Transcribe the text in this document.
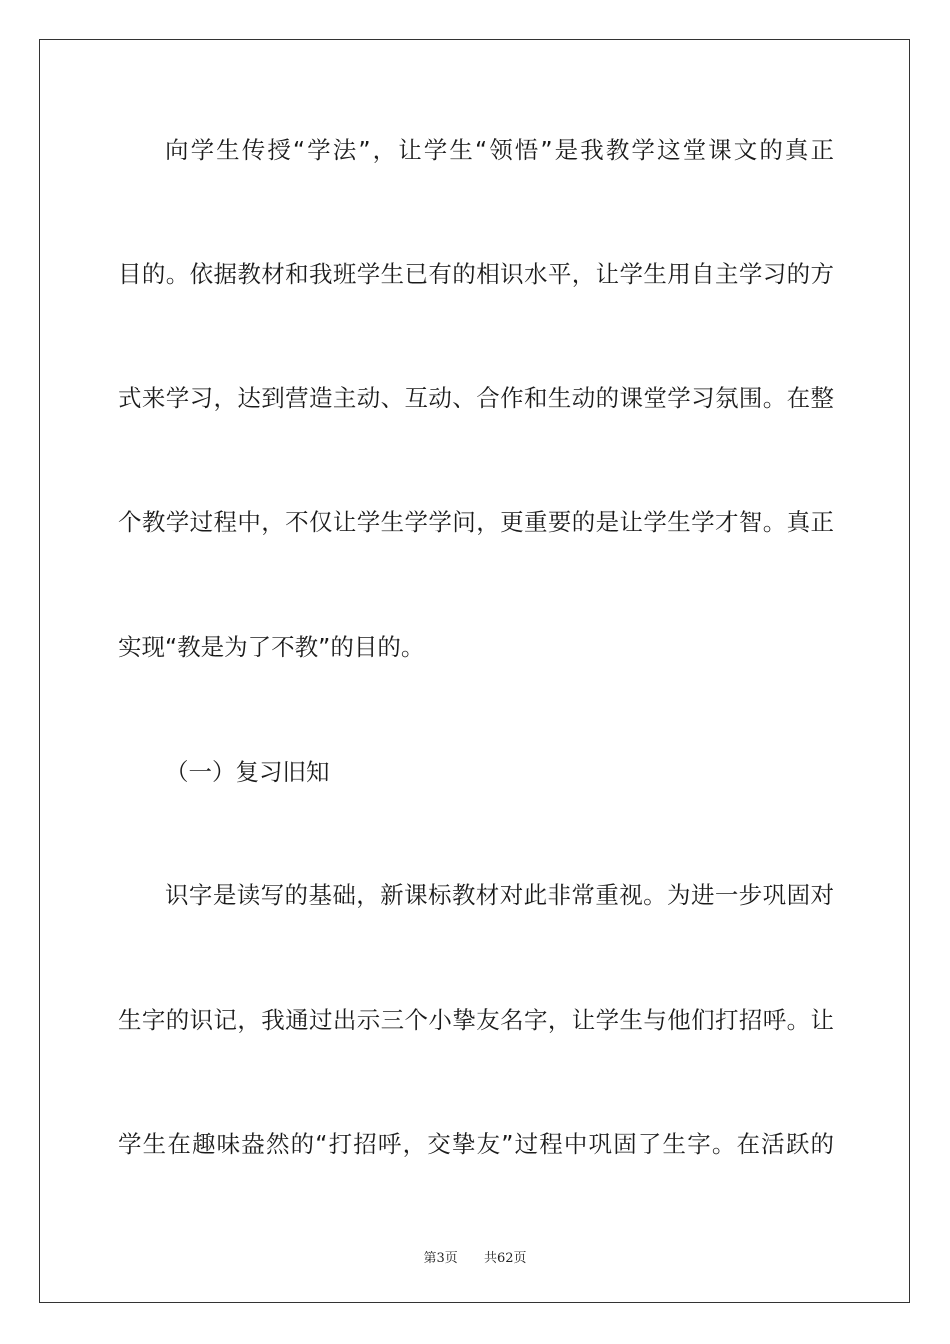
向学生传授“学法”，让学生“领悟”是我教学这堂课文的真正
目的。依据教材和我班学生已有的相识水平，让学生用自主学习的方
式来学习，达到营造主动、互动、合作和生动的课堂学习氛围。在整
个教学过程中，不仅让学生学学问，更重要的是让学生学才智。真正
实现“教是为了不教”的目的。
（一）复习旧知
识字是读写的基础，新课标教材对此非常重视。为进一步巩固对
生字的识记，我通过出示三个小挚友名字，让学生与他们打招呼。让
学生在趣味盎然的“打招呼，交挚友”过程中巩固了生字。在活跃的
第3页 共62页
